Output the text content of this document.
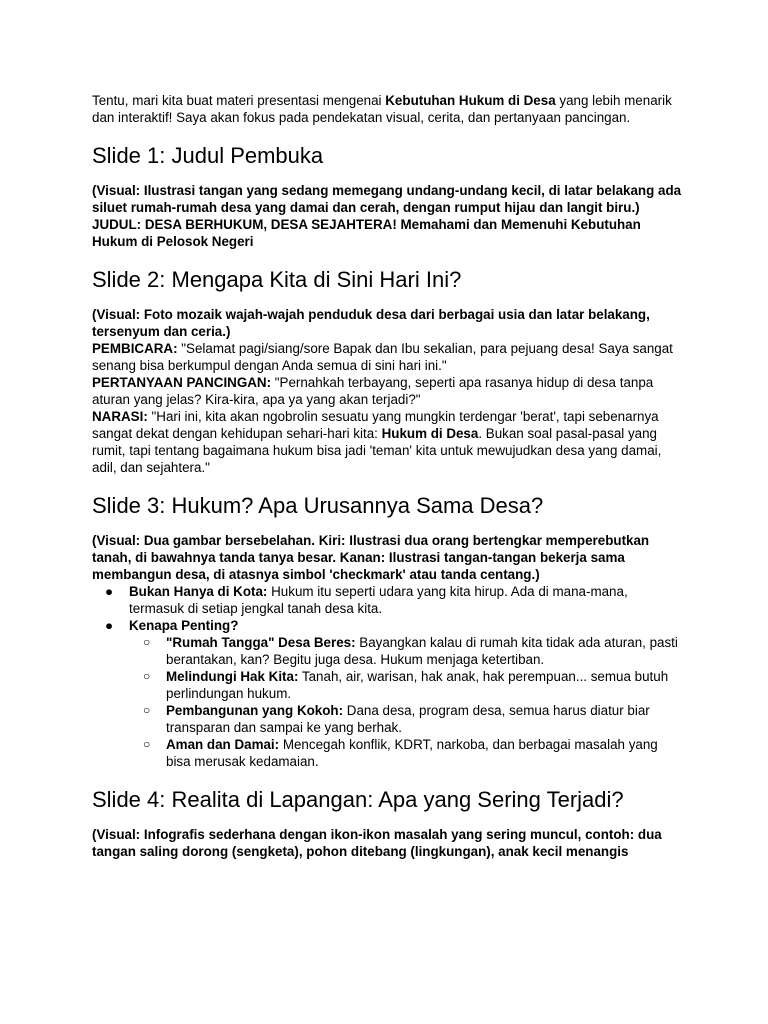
Tentu, mari kita buat materi presentasi mengenai Kebutuhan Hukum di Desa yang lebih menarik dan interaktif! Saya akan fokus pada pendekatan visual, cerita, dan pertanyaan pancingan.

Slide 1: Judul Pembuka

(Visual: Ilustrasi tangan yang sedang memegang undang-undang kecil, di latar belakang ada siluet rumah-rumah desa yang damai dan cerah, dengan rumput hijau dan langit biru.)

JUDUL: DESA BERHUKUM, DESA SEJAHTERA! Memahami dan Memenuhi Kebutuhan Hukum di Pelosok Negeri

Slide 2: Mengapa Kita di Sini Hari Ini?

(Visual: Foto mozaik wajah-wajah penduduk desa dari berbagai usia dan latar belakang, tersenyum dan ceria.)

PEMBICARA: "Selamat pagi/siang/sore Bapak dan Ibu sekalian, para pejuang desa! Saya sangat senang bisa berkumpul dengan Anda semua di sini hari ini."

PERTANYAAN PANCINGAN: "Pernahkah terbayang, seperti apa rasanya hidup di desa tanpa aturan yang jelas? Kira-kira, apa ya yang akan terjadi?"

NARASI: "Hari ini, kita akan ngobrolin sesuatu yang mungkin terdengar 'berat', tapi sebenarnya sangat dekat dengan kehidupan sehari-hari kita: Hukum di Desa. Bukan soal pasal-pasal yang rumit, tapi tentang bagaimana hukum bisa jadi 'teman' kita untuk mewujudkan desa yang damai, adil, dan sejahtera."

Slide 3: Hukum? Apa Urusannya Sama Desa?

(Visual: Dua gambar bersebelahan. Kiri: Ilustrasi dua orang bertengkar memperebutkan tanah, di bawahnya tanda tanya besar. Kanan: Ilustrasi tangan-tangan bekerja sama membangun desa, di atasnya simbol 'checkmark' atau tanda centang.)

● Bukan Hanya di Kota: Hukum itu seperti udara yang kita hirup. Ada di mana-mana, termasuk di setiap jengkal tanah desa kita.
● Kenapa Penting?
○ "Rumah Tangga" Desa Beres: Bayangkan kalau di rumah kita tidak ada aturan, pasti berantakan, kan? Begitu juga desa. Hukum menjaga ketertiban.
○ Melindungi Hak Kita: Tanah, air, warisan, hak anak, hak perempuan... semua butuh perlindungan hukum.
○ Pembangunan yang Kokoh: Dana desa, program desa, semua harus diatur biar transparan dan sampai ke yang berhak.
○ Aman dan Damai: Mencegah konflik, KDRT, narkoba, dan berbagai masalah yang bisa merusak kedamaian.
Slide 4: Realita di Lapangan: Apa yang Sering Terjadi?

(Visual: Infografis sederhana dengan ikon-ikon masalah yang sering muncul, contoh: dua tangan saling dorong (sengketa), pohon ditebang (lingkungan), anak kecil menangis
